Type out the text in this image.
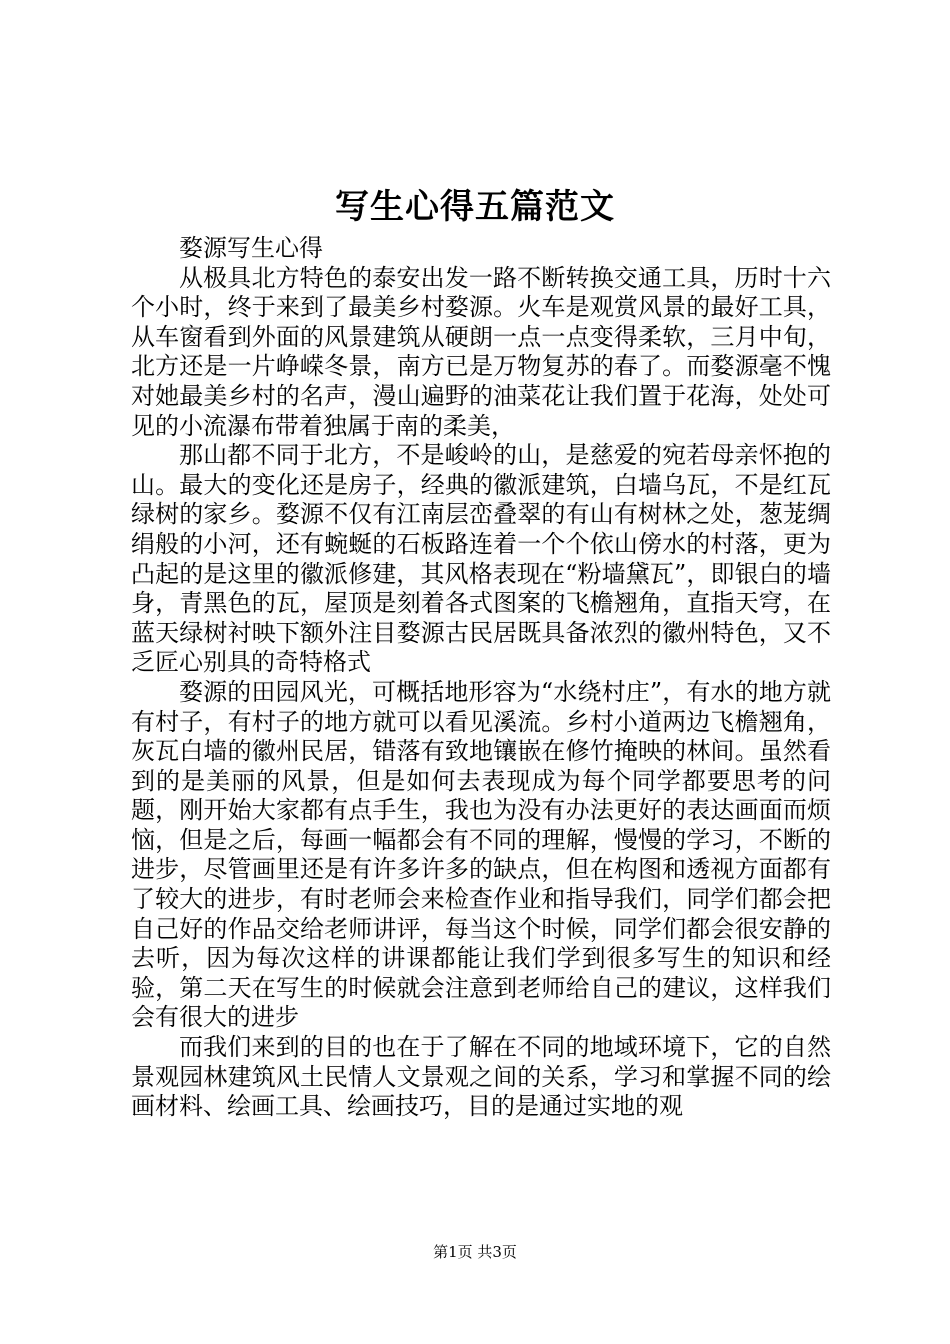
写生心得五篇范文

婺源写生心得

从极具北方特色的泰安出发一路不断转换交通工具，历时十六个小时，终于来到了最美乡村婺源。火车是观赏风景的最好工具，从车窗看到外面的风景建筑从硬朗一点一点变得柔软，三月中旬，北方还是一片峥嵘冬景，南方已是万物复苏的春了。而婺源毫不愧对她最美乡村的名声，漫山遍野的油菜花让我们置于花海，处处可见的小流瀑布带着独属于南的柔美，

那山都不同于北方，不是峻岭的山，是慈爱的宛若母亲怀抱的山。最大的变化还是房子，经典的徽派建筑，白墙乌瓦，不是红瓦绿树的家乡。婺源不仅有江南层峦叠翠的有山有树林之处，葱茏绸绢般的小河，还有蜿蜒的石板路连着一个个依山傍水的村落，更为凸起的是这里的徽派修建，其风格表现在“粉墙黛瓦”，即银白的墙身，青黑色的瓦，屋顶是刻着各式图案的飞檐翘角，直指天穹，在蓝天绿树衬映下额外注目婺源古民居既具备浓烈的徽州特色，又不乏匠心别具的奇特格式

婺源的田园风光，可概括地形容为“水绕村庄”，有水的地方就有村子，有村子的地方就可以看见溪流。乡村小道两边飞檐翘角，灰瓦白墙的徽州民居，错落有致地镶嵌在修竹掩映的林间。虽然看到的是美丽的风景，但是如何去表现成为每个同学都要思考的问题，刚开始大家都有点手生，我也为没有办法更好的表达画面而烦恼，但是之后，每画一幅都会有不同的理解，慢慢的学习，不断的进步，尽管画里还是有许多许多的缺点，但在构图和透视方面都有了较大的进步，有时老师会来检查作业和指导我们，同学们都会把自己好的作品交给老师讲评，每当这个时候，同学们都会很安静的去听，因为每次这样的讲课都能让我们学到很多写生的知识和经验，第二天在写生的时候就会注意到老师给自己的建议，这样我们会有很大的进步

而我们来到的目的也在于了解在不同的地域环境下，它的自然景观园林建筑风土民情人文景观之间的关系，学习和掌握不同的绘画材料、绘画工具、绘画技巧，目的是通过实地的观

第1页 共3页
